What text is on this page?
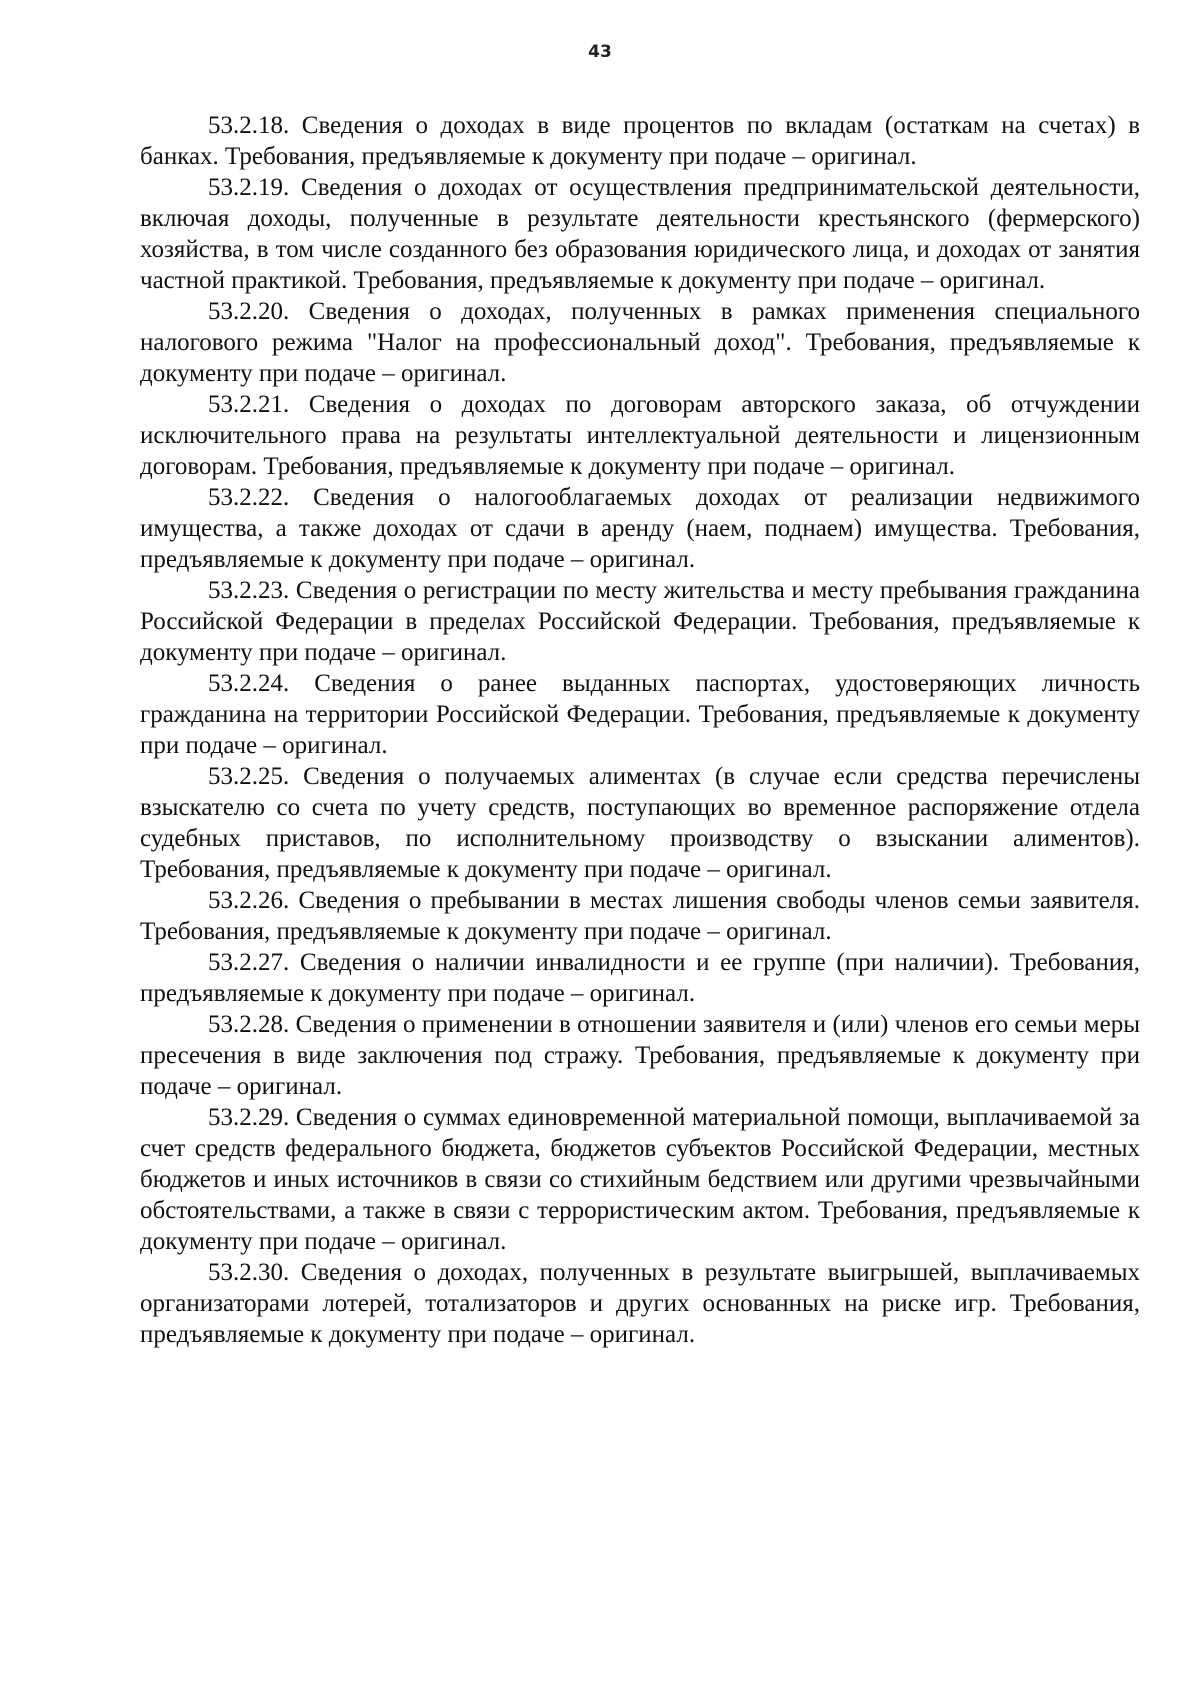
43

53.2.18. Сведения о доходах в виде процентов по вкладам (остаткам на счетах) в банках. Требования, предъявляемые к документу при подаче – оригинал.

53.2.19. Сведения о доходах от осуществления предпринимательской деятельности, включая доходы, полученные в результате деятельности крестьянского (фермерского) хозяйства, в том числе созданного без образования юридического лица, и доходах от занятия частной практикой. Требования, предъявляемые к документу при подаче – оригинал.

53.2.20. Сведения о доходах, полученных в рамках применения специального налогового режима "Налог на профессиональный доход". Требования, предъявляемые к документу при подаче – оригинал.

53.2.21. Сведения о доходах по договорам авторского заказа, об отчуждении исключительного права на результаты интеллектуальной деятельности и лицензионным договорам. Требования, предъявляемые к документу при подаче – оригинал.

53.2.22. Сведения о налогооблагаемых доходах от реализации недвижимого имущества, а также доходах от сдачи в аренду (наем, поднаем) имущества. Требования, предъявляемые к документу при подаче – оригинал.

53.2.23. Сведения о регистрации по месту жительства и месту пребывания гражданина Российской Федерации в пределах Российской Федерации. Требования, предъявляемые к документу при подаче – оригинал.

53.2.24. Сведения о ранее выданных паспортах, удостоверяющих личность гражданина на территории Российской Федерации. Требования, предъявляемые к документу при подаче – оригинал.

53.2.25. Сведения о получаемых алиментах (в случае если средства перечислены взыскателю со счета по учету средств, поступающих во временное распоряжение отдела судебных приставов, по исполнительному производству о взыскании алиментов). Требования, предъявляемые к документу при подаче – оригинал.

53.2.26. Сведения о пребывании в местах лишения свободы членов семьи заявителя. Требования, предъявляемые к документу при подаче – оригинал.

53.2.27. Сведения о наличии инвалидности и ее группе (при наличии). Требования, предъявляемые к документу при подаче – оригинал.

53.2.28. Сведения о применении в отношении заявителя и (или) членов его семьи меры пресечения в виде заключения под стражу. Требования, предъявляемые к документу при подаче – оригинал.

53.2.29. Сведения о суммах единовременной материальной помощи, выплачиваемой за счет средств федерального бюджета, бюджетов субъектов Российской Федерации, местных бюджетов и иных источников в связи со стихийным бедствием или другими чрезвычайными обстоятельствами, а также в связи с террористическим актом. Требования, предъявляемые к документу при подаче – оригинал.

53.2.30. Сведения о доходах, полученных в результате выигрышей, выплачиваемых организаторами лотерей, тотализаторов и других основанных на риске игр. Требования, предъявляемые к документу при подаче – оригинал.
